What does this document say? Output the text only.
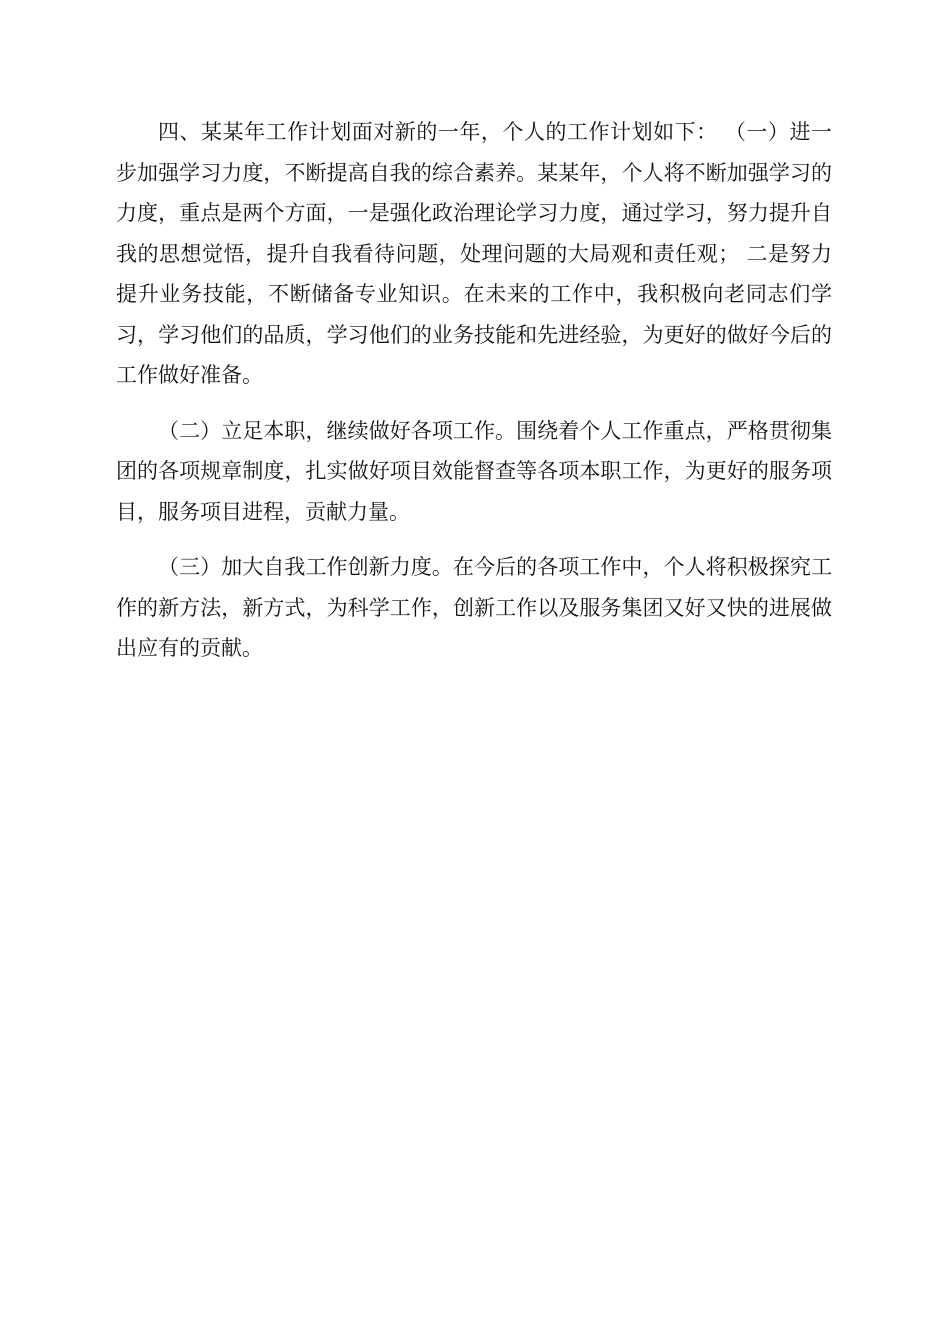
四、某某年工作计划面对新的一年，个人的工作计划如下： （一）进一步加强学习力度，不断提高自我的综合素养。某某年，个人将不断加强学习的力度，重点是两个方面，一是强化政治理论学习力度，通过学习，努力提升自我的思想觉悟，提升自我看待问题，处理问题的大局观和责任观； 二是努力提升业务技能，不断储备专业知识。在未来的工作中，我积极向老同志们学习，学习他们的品质，学习他们的业务技能和先进经验，为更好的做好今后的工作做好准备。

（二）立足本职，继续做好各项工作。围绕着个人工作重点，严格贯彻集团的各项规章制度，扎实做好项目效能督查等各项本职工作，为更好的服务项目，服务项目进程，贡献力量。

（三）加大自我工作创新力度。在今后的各项工作中，个人将积极探究工作的新方法，新方式，为科学工作，创新工作以及服务集团又好又快的进展做出应有的贡献。
